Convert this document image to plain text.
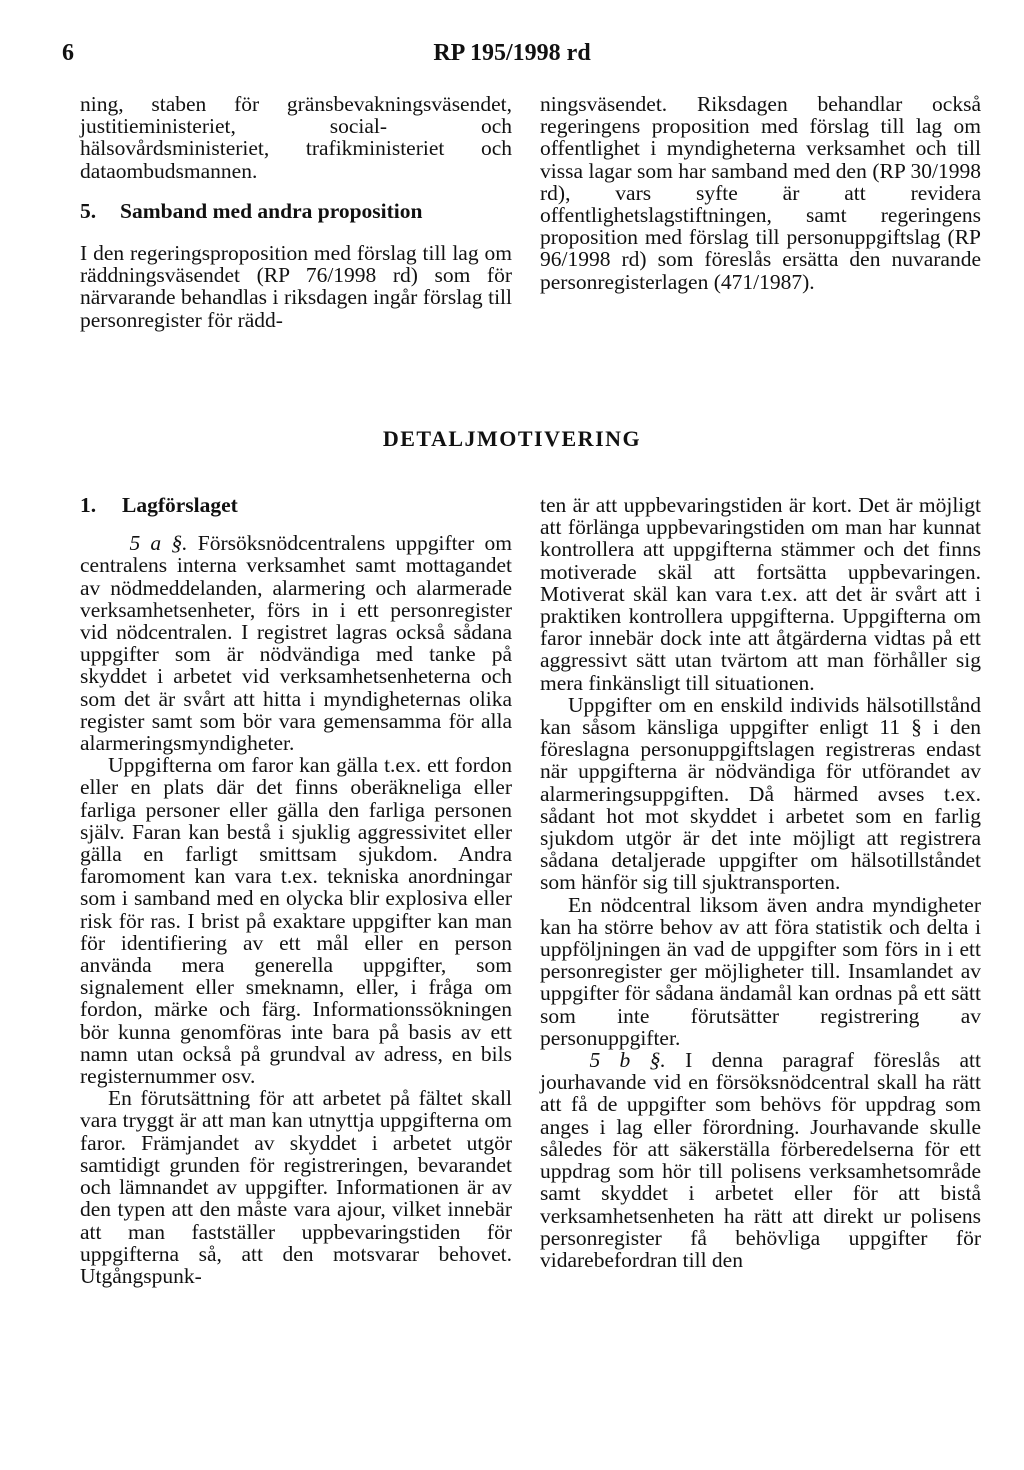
6	RP 195/1998 rd

ning, staben för gränsbevakningsväsendet, justitieministeriet, social- och hälsovårdsministeriet, trafikministeriet och dataombudsmannen.

5. Samband med andra proposition

I den regeringsproposition med förslag till lag om räddningsväsendet (RP 76/1998 rd) som för närvarande behandlas i riksdagen ingår förslag till personregister för rädd-

ningsväsendet. Riksdagen behandlar också regeringens proposition med förslag till lag om offentlighet i myndigheterna verksamhet och till vissa lagar som har samband med den (RP 30/1998 rd), vars syfte är att revidera offentlighetslagstiftningen, samt regeringens proposition med förslag till personuppgiftslag (RP 96/1998 rd) som föreslås ersätta den nuvarande personregisterlagen (471/1987).

DETALJMOTIVERING

1. Lagförslaget

5 a §. Försöksnödcentralens uppgifter om centralens interna verksamhet samt mottagandet av nödmeddelanden, alarmering och alarmerade verksamhetsenheter, förs in i ett personregister vid nödcentralen. I registret lagras också sådana uppgifter som är nödvändiga med tanke på skyddet i arbetet vid verksamhetsenheterna och som det är svårt att hitta i myndigheternas olika register samt som bör vara gemensamma för alla alarmeringsmyndigheter.

Uppgifterna om faror kan gälla t.ex. ett fordon eller en plats där det finns oberäkneliga eller farliga personer eller gälla den farliga personen själv. Faran kan bestå i sjuklig aggressivitet eller gälla en farligt smittsam sjukdom. Andra faromoment kan vara t.ex. tekniska anordningar som i samband med en olycka blir explosiva eller risk för ras. I brist på exaktare uppgifter kan man för identifiering av ett mål eller en person använda mera generella uppgifter, som signalement eller smeknamn, eller, i fråga om fordon, märke och färg. Informationssökningen bör kunna genomföras inte bara på basis av ett namn utan också på grundval av adress, en bils registernummer osv.

En förutsättning för att arbetet på fältet skall vara tryggt är att man kan utnyttja uppgifterna om faror. Främjandet av skyddet i arbetet utgör samtidigt grunden för registreringen, bevarandet och lämnandet av uppgifter. Informationen är av den typen att den måste vara ajour, vilket innebär att man fastställer uppbevaringstiden för uppgifterna så, att den motsvarar behovet. Utgångspunk-

ten är att uppbevaringstiden är kort. Det är möjligt att förlänga uppbevaringstiden om man har kunnat kontrollera att uppgifterna stämmer och det finns motiverade skäl att fortsätta uppbevaringen. Motiverat skäl kan vara t.ex. att det är svårt att i praktiken kontrollera uppgifterna. Uppgifterna om faror innebär dock inte att åtgärderna vidtas på ett aggressivt sätt utan tvärtom att man förhåller sig mera finkänsligt till situationen.

Uppgifter om en enskild individs hälsotillstånd kan såsom känsliga uppgifter enligt 11 § i den föreslagna personuppgiftslagen registreras endast när uppgifterna är nödvändiga för utförandet av alarmeringsuppgiften. Då härmed avses t.ex. sådant hot mot skyddet i arbetet som en farlig sjukdom utgör är det inte möjligt att registrera sådana detaljerade uppgifter om hälsotillståndet som hänför sig till sjuktransporten.

En nödcentral liksom även andra myndigheter kan ha större behov av att föra statistik och delta i uppföljningen än vad de uppgifter som förs in i ett personregister ger möjligheter till. Insamlandet av uppgifter för sådana ändamål kan ordnas på ett sätt som inte förutsätter registrering av personuppgifter.

5 b §. I denna paragraf föreslås att jourhavande vid en försöksnödcentral skall ha rätt att få de uppgifter som behövs för uppdrag som anges i lag eller förordning. Jourhavande skulle således för att säkerställa förberedelserna för ett uppdrag som hör till polisens verksamhetsområde samt skyddet i arbetet eller för att bistå verksamhetsenheten ha rätt att direkt ur polisens personregister få behövliga uppgifter för vidarebefordran till den
